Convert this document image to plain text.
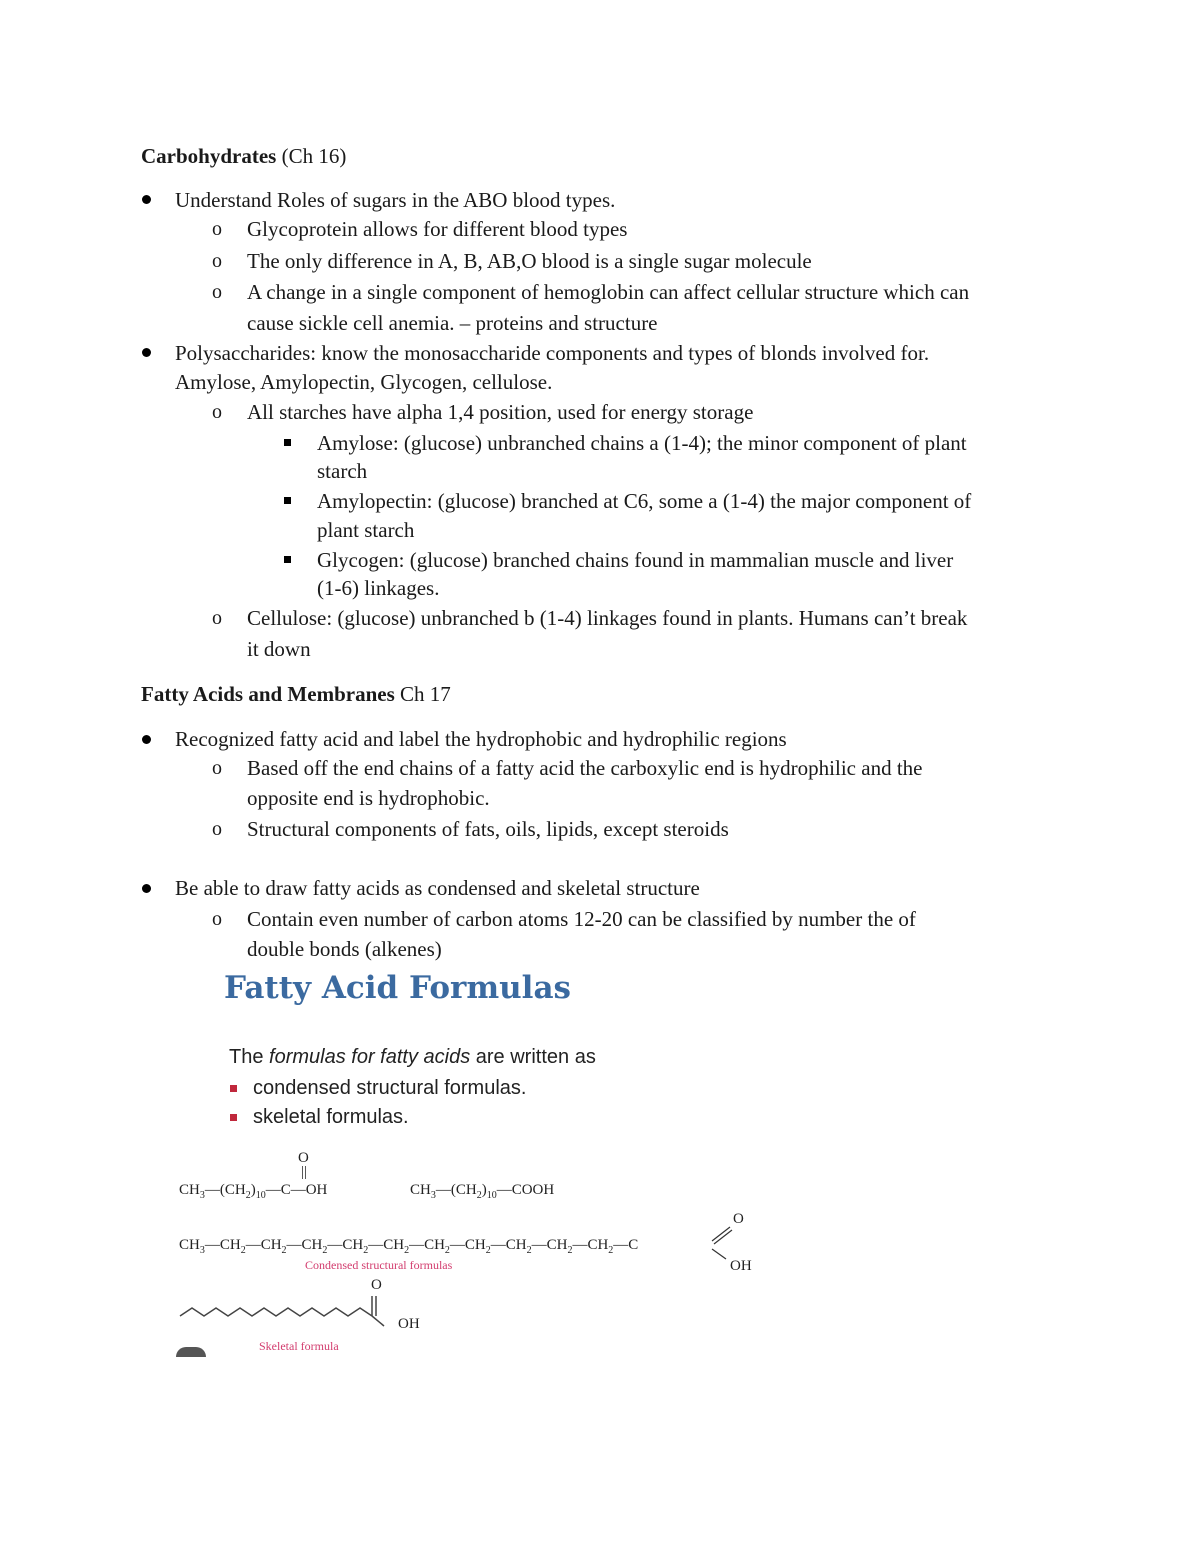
Carbohydrates (Ch 16)
Understand Roles of sugars in the ABO blood types.
o Glycoprotein allows for different blood types
o The only difference in A, B, AB,O blood is a single sugar molecule
o A change in a single component of hemoglobin can affect cellular structure which can
cause sickle cell anemia. – proteins and structure
Polysaccharides: know the monosaccharide components and types of blonds involved for.
Amylose, Amylopectin, Glycogen, cellulose.
o All starches have alpha 1,4 position, used for energy storage
Amylose: (glucose) unbranched chains a (1-4); the minor component of plant
starch
Amylopectin: (glucose) branched at C6, some a (1-4) the major component of
plant starch
Glycogen: (glucose) branched chains found in mammalian muscle and liver
(1-6) linkages.
o Cellulose: (glucose) unbranched b (1-4) linkages found in plants. Humans can’t break
it down
Fatty Acids and Membranes Ch 17
Recognized fatty acid and label the hydrophobic and hydrophilic regions
o Based off the end chains of a fatty acid the carboxylic end is hydrophilic and the
opposite end is hydrophobic.
o Structural components of fats, oils, lipids, except steroids
Be able to draw fatty acids as condensed and skeletal structure
o Contain even number of carbon atoms 12-20 can be classified by number the of
double bonds (alkenes)
Fatty Acid Formulas
The formulas for fatty acids are written as
condensed structural formulas.
skeletal formulas.
O
||
$CH_3—(CH_2)_{10}—C—OH$	$CH_3—(CH_2)_{10}—COOH$
$CH_3—CH_2—CH_2—CH_2—CH_2—CH_2—CH_2—CH_2—CH_2—CH_2—CH_2—C$
O
OH
Condensed structural formulas
O
OH
Skeletal formula
